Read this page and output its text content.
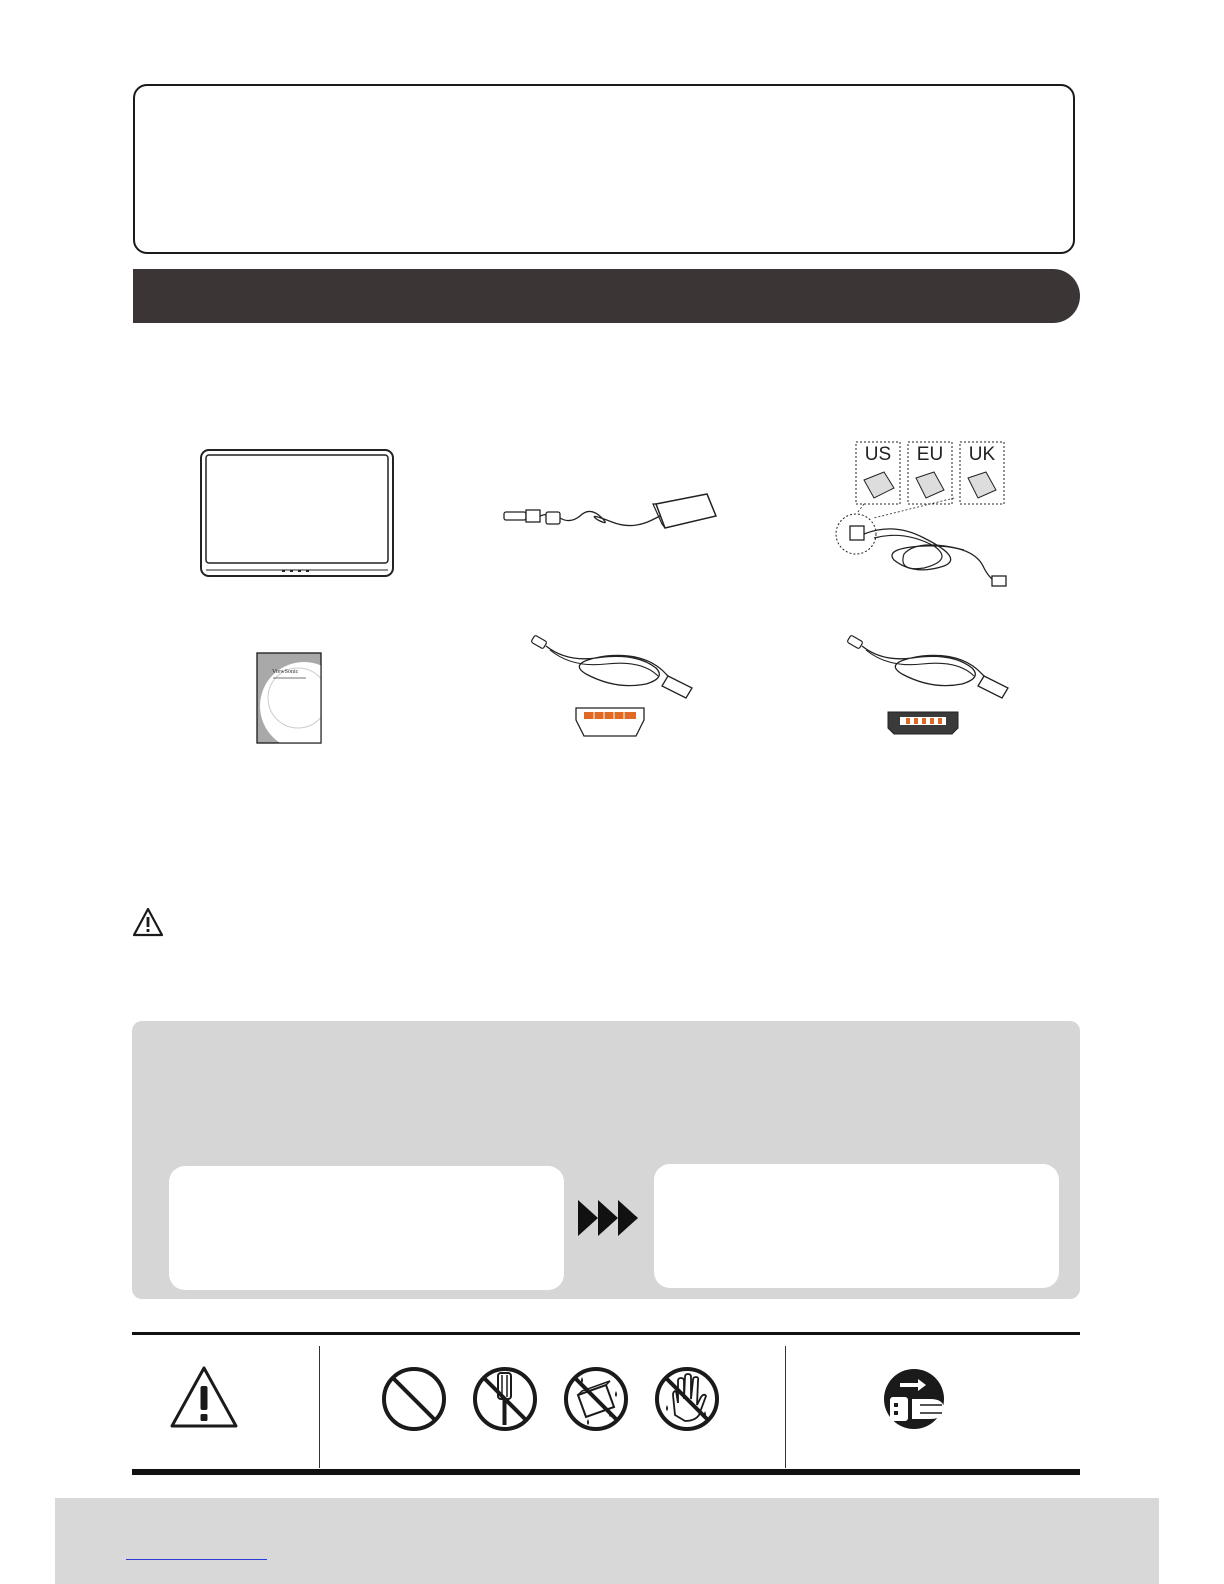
US	EU	UK
ViewSonic
